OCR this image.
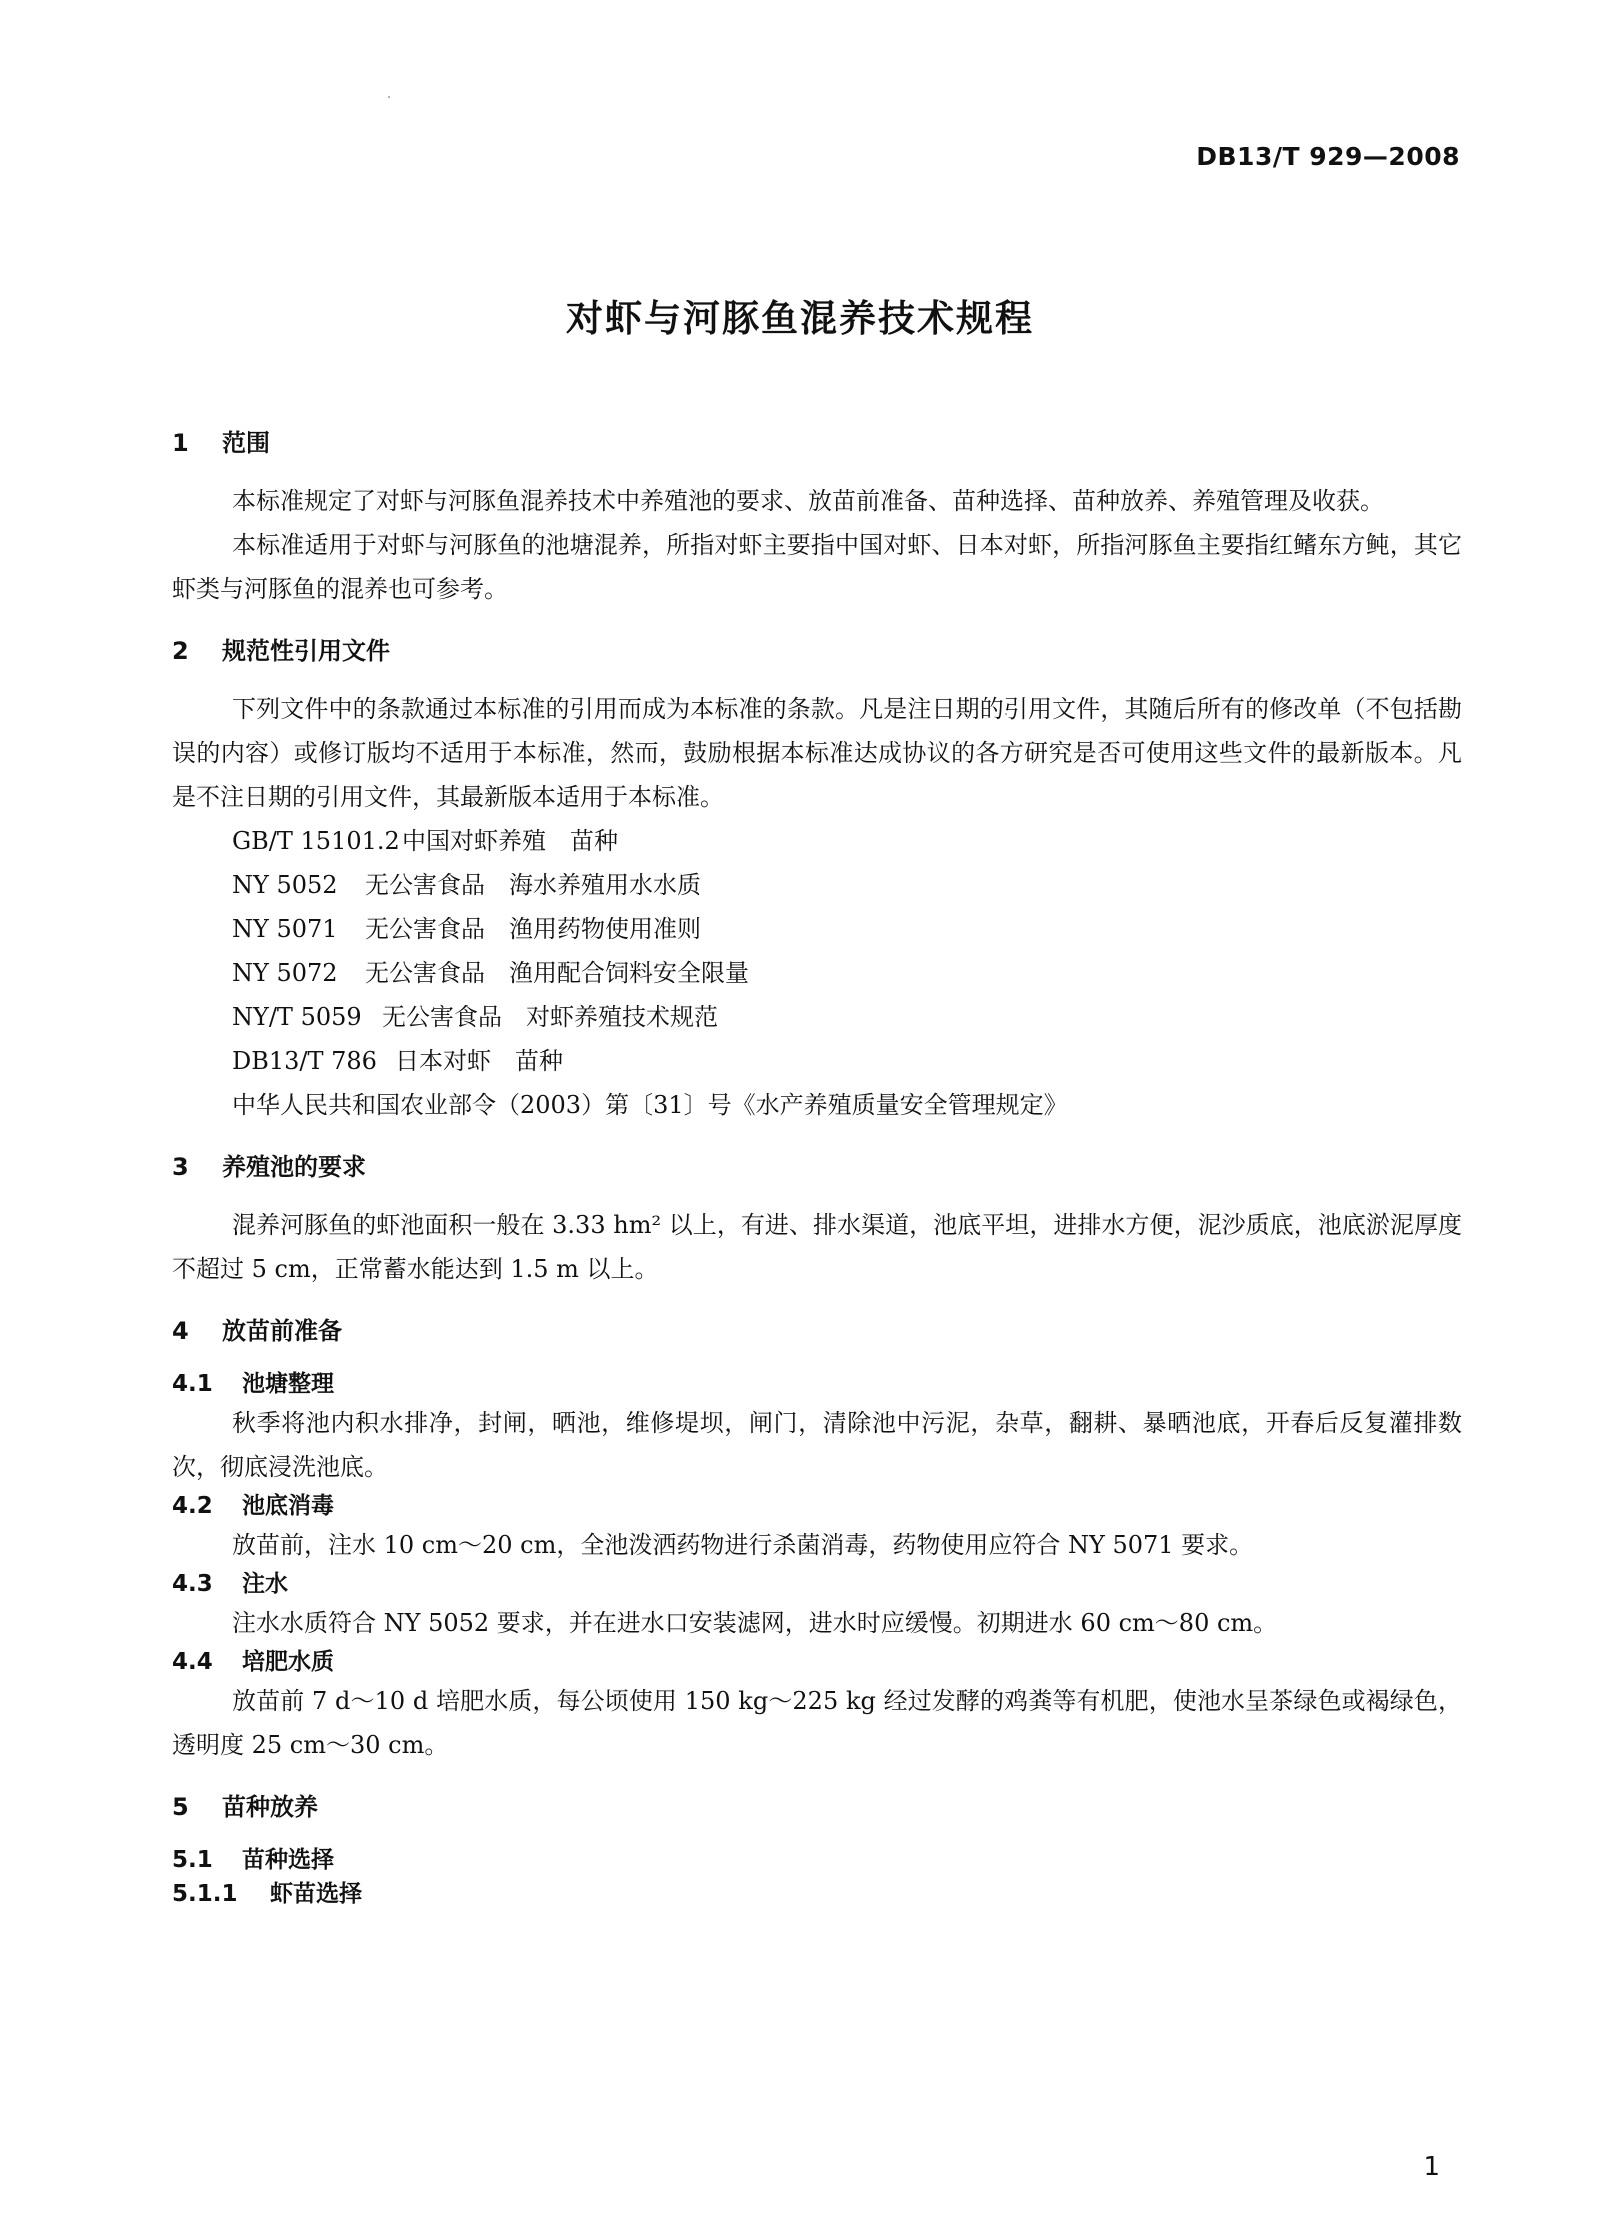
DB13/T 929—2008
对虾与河豚鱼混养技术规程
1 范围

本标准规定了对虾与河豚鱼混养技术中养殖池的要求、放苗前准备、苗种选择、苗种放养、养殖管理及收获。

本标准适用于对虾与河豚鱼的池塘混养，所指对虾主要指中国对虾、日本对虾，所指河豚鱼主要指红鳍东方鲀，其它虾类与河豚鱼的混养也可参考。

2 规范性引用文件

下列文件中的条款通过本标准的引用而成为本标准的条款。凡是注日期的引用文件，其随后所有的修改单（不包括勘误的内容）或修订版均不适用于本标准，然而，鼓励根据本标准达成协议的各方研究是否可使用这些文件的最新版本。凡是不注日期的引用文件，其最新版本适用于本标准。

GB/T 15101.2中国对虾养殖　苗种

NY 5052 无公害食品　海水养殖用水水质

NY 5071 无公害食品　渔用药物使用准则

NY 5072 无公害食品　渔用配合饲料安全限量

NY/T 5059 无公害食品　对虾养殖技术规范

DB13/T 786 日本对虾　苗种

中华人民共和国农业部令（2003）第〔31〕号《水产养殖质量安全管理规定》

3 养殖池的要求

混养河豚鱼的虾池面积一般在 3.33 hm² 以上，有进、排水渠道，池底平坦，进排水方便，泥沙质底，池底淤泥厚度不超过 5 cm，正常蓄水能达到 1.5 m 以上。

4 放苗前准备
4.1 池塘整理

秋季将池内积水排净，封闸，晒池，维修堤坝，闸门，清除池中污泥，杂草，翻耕、暴晒池底，开春后反复灌排数次，彻底浸洗池底。

4.2 池底消毒

放苗前，注水 10 cm～20 cm，全池泼洒药物进行杀菌消毒，药物使用应符合 NY 5071 要求。

4.3 注水

注水水质符合 NY 5052 要求，并在进水口安装滤网，进水时应缓慢。初期进水 60 cm～80 cm。

4.4 培肥水质

放苗前 7 d～10 d 培肥水质，每公顷使用 150 kg～225 kg 经过发酵的鸡粪等有机肥，使池水呈茶绿色或褐绿色，透明度 25 cm～30 cm。

5 苗种放养
5.1 苗种选择
5.1.1 虾苗选择
1
